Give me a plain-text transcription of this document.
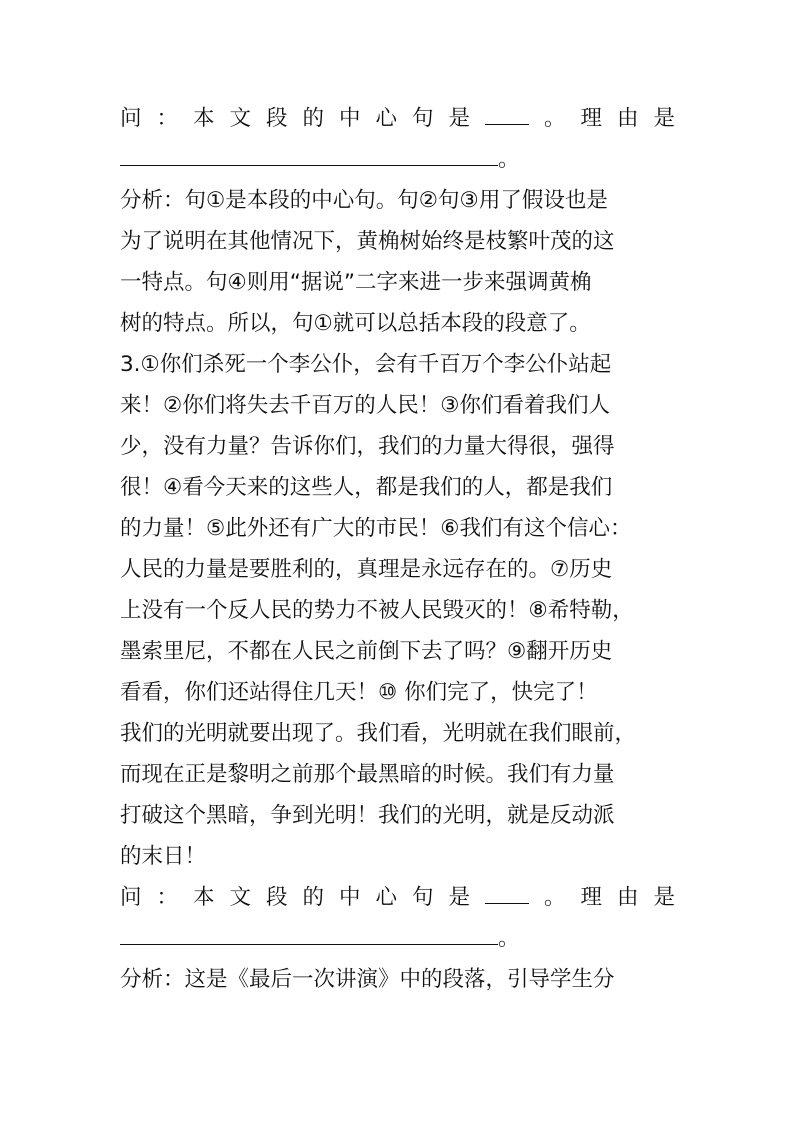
问 ： 本 文 段 的 中 心 句 是	。 理 由 是
。
分析：句①是本段的中心句。句②句③用了假设也是
为了说明在其他情况下，黄桷树始终是枝繁叶茂的这
一特点。句④则用“据说”二字来进一步来强调黄桷
树的特点。所以，句①就可以总括本段的段意了。
3.①你们杀死一个李公仆，会有千百万个李公仆站起
来！②你们将失去千百万的人民！③你们看着我们人
少，没有力量？告诉你们，我们的力量大得很，强得
很！④看今天来的这些人，都是我们的人，都是我们
的力量！⑤此外还有广大的市民！⑥我们有这个信心：
人民的力量是要胜利的，真理是永远存在的。⑦历史
上没有一个反人民的势力不被人民毁灭的！⑧希特勒，
墨索里尼，不都在人民之前倒下去了吗？⑨翻开历史
看看，你们还站得住几天！⑩ 你们完了，快完了！
我们的光明就要出现了。我们看，光明就在我们眼前，
而现在正是黎明之前那个最黑暗的时候。我们有力量
打破这个黑暗，争到光明！我们的光明，就是反动派
的末日！
问 ： 本 文 段 的 中 心 句 是	。 理 由 是
。
分析：这是《最后一次讲演》中的段落，引导学生分
